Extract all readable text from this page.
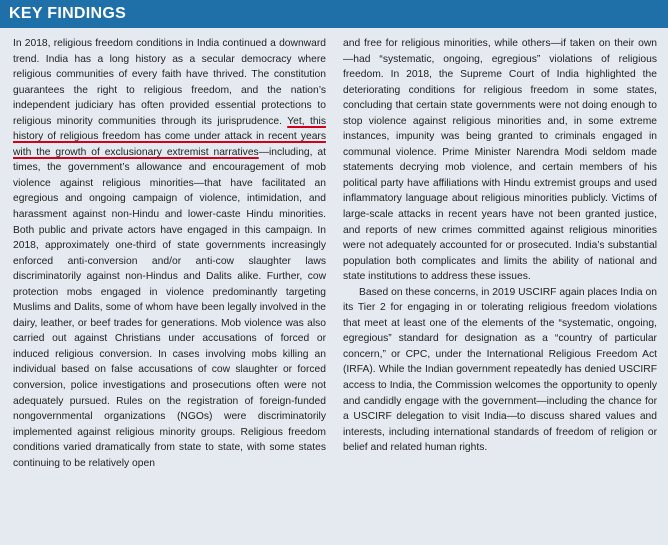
KEY FINDINGS

In 2018, religious freedom conditions in India continued a downward trend. India has a long history as a secular democracy where religious communities of every faith have thrived. The constitution guarantees the right to religious freedom, and the nation’s independent judiciary has often provided essential protections to religious minority communities through its jurisprudence. Yet, this history of religious freedom has come under attack in recent years with the growth of exclusionary extremist narratives—including, at times, the government’s allowance and encouragement of mob violence against religious minorities—that have facilitated an egregious and ongoing campaign of violence, intimidation, and harassment against non-Hindu and lower-caste Hindu minorities. Both public and private actors have engaged in this campaign. In 2018, approximately one-third of state governments increasingly enforced anti-conversion and/or anti-cow slaughter laws discriminatorily against non-Hindus and Dalits alike. Further, cow protection mobs engaged in violence predominantly targeting Muslims and Dalits, some of whom have been legally involved in the dairy, leather, or beef trades for generations. Mob violence was also carried out against Christians under accusations of forced or induced religious conversion. In cases involving mobs killing an individual based on false accusations of cow slaughter or forced conversion, police investigations and prosecutions often were not adequately pursued. Rules on the registration of foreign-funded nongovernmental organizations (NGOs) were discriminatorily implemented against religious minority groups. Religious freedom conditions varied dramatically from state to state, with some states continuing to be relatively open

and free for religious minorities, while others—if taken on their own—had “systematic, ongoing, egregious” violations of religious freedom. In 2018, the Supreme Court of India highlighted the deteriorating conditions for religious freedom in some states, concluding that certain state governments were not doing enough to stop violence against religious minorities and, in some extreme instances, impunity was being granted to criminals engaged in communal violence. Prime Minister Narendra Modi seldom made statements decrying mob violence, and certain members of his political party have affiliations with Hindu extremist groups and used inflammatory language about religious minorities publicly. Victims of large-scale attacks in recent years have not been granted justice, and reports of new crimes committed against religious minorities were not adequately accounted for or prosecuted. India’s substantial population both complicates and limits the ability of national and state institutions to address these issues.

Based on these concerns, in 2019 USCIRF again places India on its Tier 2 for engaging in or tolerating religious freedom violations that meet at least one of the elements of the “systematic, ongoing, egregious” standard for designation as a “country of particular concern,” or CPC, under the International Religious Freedom Act (IRFA). While the Indian government repeatedly has denied USCIRF access to India, the Commission welcomes the opportunity to openly and candidly engage with the government—including the chance for a USCIRF delegation to visit India—to discuss shared values and interests, including international standards of freedom of religion or belief and related human rights.
